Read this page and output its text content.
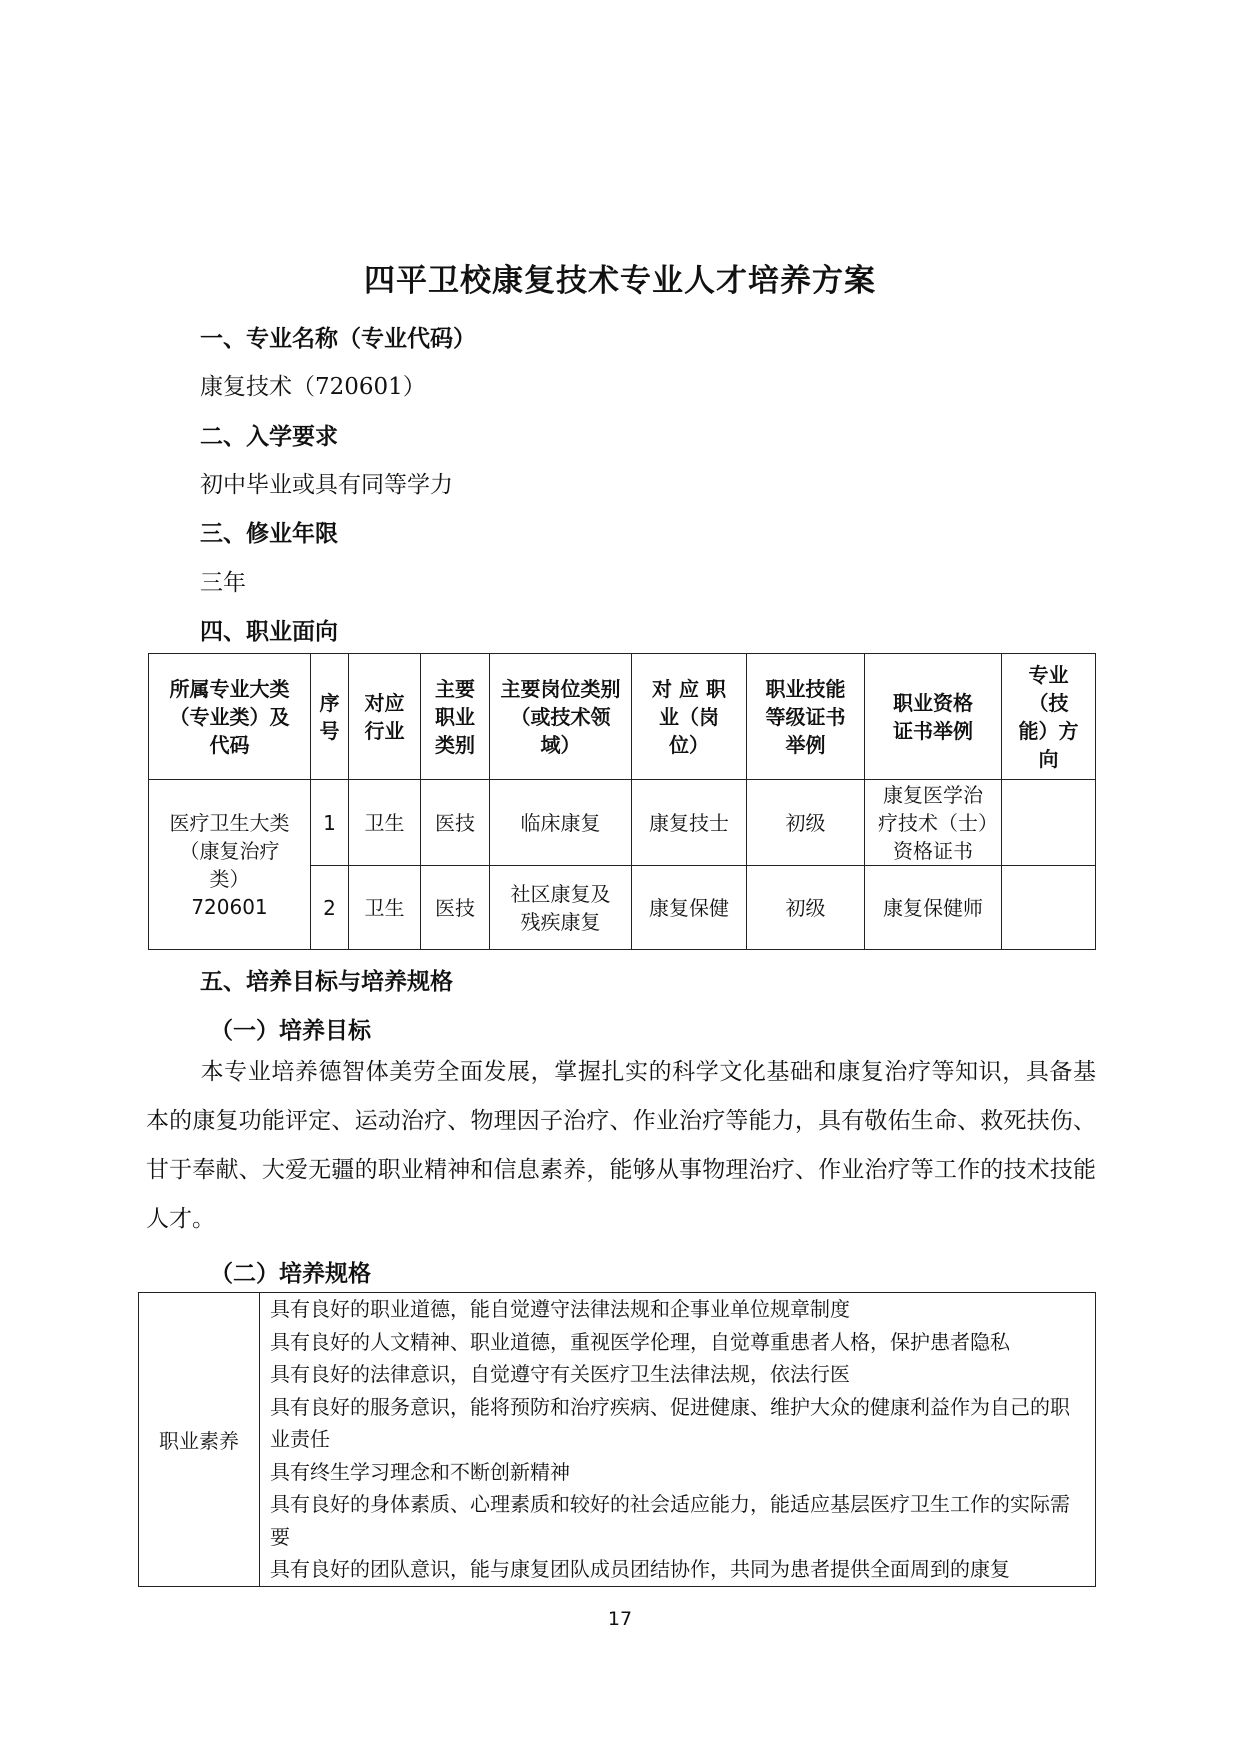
四平卫校康复技术专业人才培养方案
一、专业名称（专业代码）
康复技术（720601）
二、入学要求
初中毕业或具有同等学力
三、修业年限
三年
四、职业面向
所属专业大类（专业类）及代码	序号	对应行业	主要职业类别	主要岗位类别（或技术领域）	对 应 职 业（岗位）	职业技能等级证书举例	职业资格证书举例	专业（技能）方向

医疗卫生大类
（康复治疗
类）
720601	1	卫生	医技	临床康复	康复技士	初级	康复医学治疗技术（士）资格证书	
	2	卫生	医技	社区康复及残疾康复	康复保健	初级	康复保健师	
五、培养目标与培养规格
（一）培养目标
本专业培养德智体美劳全面发展，掌握扎实的科学文化基础和康复治疗等知识，具备基本的康复功能评定、运动治疗、物理因子治疗、作业治疗等能力，具有敬佑生命、救死扶伤、甘于奉献、大爱无疆的职业精神和信息素养，能够从事物理治疗、作业治疗等工作的技术技能人才。
（二）培养规格
职业素养	
具有良好的职业道德，能自觉遵守法律法规和企事业单位规章制度
具有良好的人文精神、职业道德，重视医学伦理，自觉尊重患者人格，保护患者隐私
具有良好的法律意识，自觉遵守有关医疗卫生法律法规，依法行医
具有良好的服务意识，能将预防和治疗疾病、促进健康、维护大众的健康利益作为自己的职业责任
具有终生学习理念和不断创新精神
具有良好的身体素质、心理素质和较好的社会适应能力，能适应基层医疗卫生工作的实际需要
具有良好的团队意识，能与康复团队成员团结协作，共同为患者提供全面周到的康复
17
